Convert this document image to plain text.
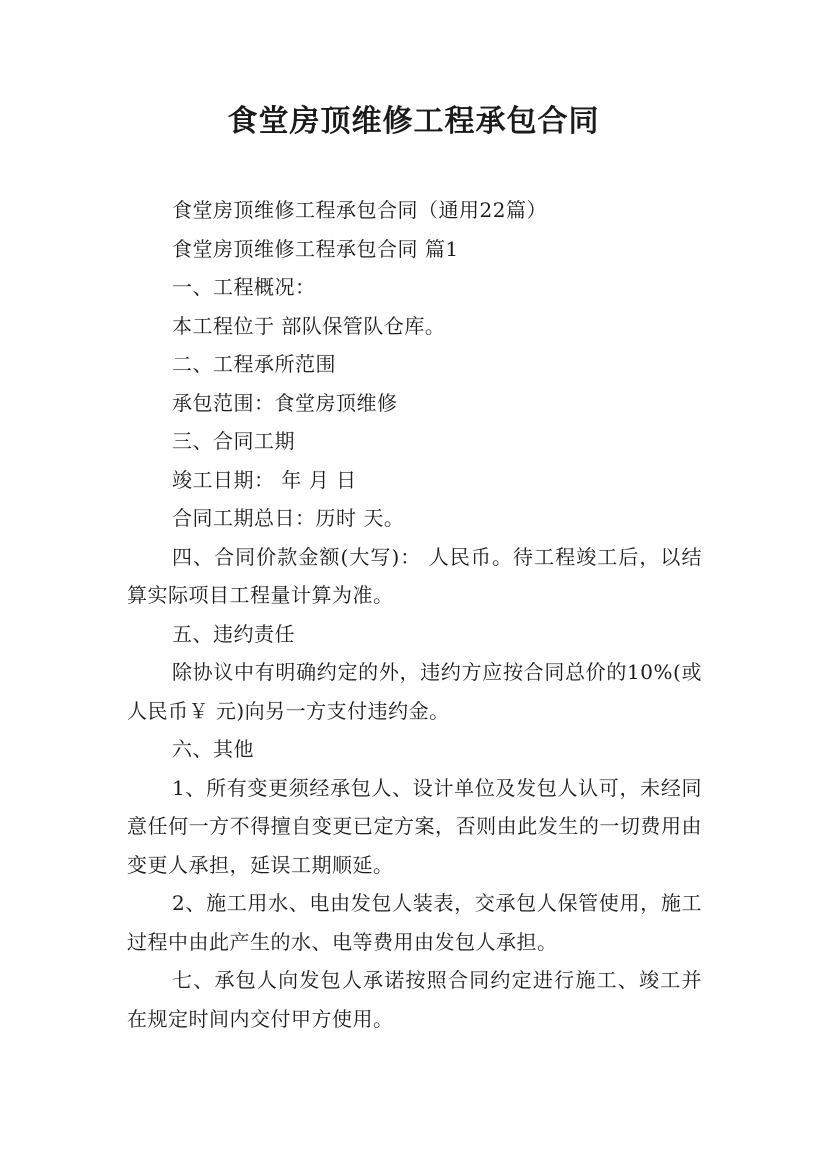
食堂房顶维修工程承包合同

食堂房顶维修工程承包合同（通用22篇）

食堂房顶维修工程承包合同 篇1

一、工程概况：

本工程位于 部队保管队仓库。

二、工程承所范围

承包范围：食堂房顶维修

三、合同工期

竣工日期： 年 月 日

合同工期总日：历时 天。

四、合同价款金额(大写)： 人民币。待工程竣工后，以结算实际项目工程量计算为准。

五、违约责任

除协议中有明确约定的外，违约方应按合同总价的10%(或人民币￥ 元)向另一方支付违约金。

六、其他

1、所有变更须经承包人、设计单位及发包人认可，未经同意任何一方不得擅自变更已定方案，否则由此发生的一切费用由变更人承担，延误工期顺延。

2、施工用水、电由发包人装表，交承包人保管使用，施工过程中由此产生的水、电等费用由发包人承担。

七、承包人向发包人承诺按照合同约定进行施工、竣工并在规定时间内交付甲方使用。
